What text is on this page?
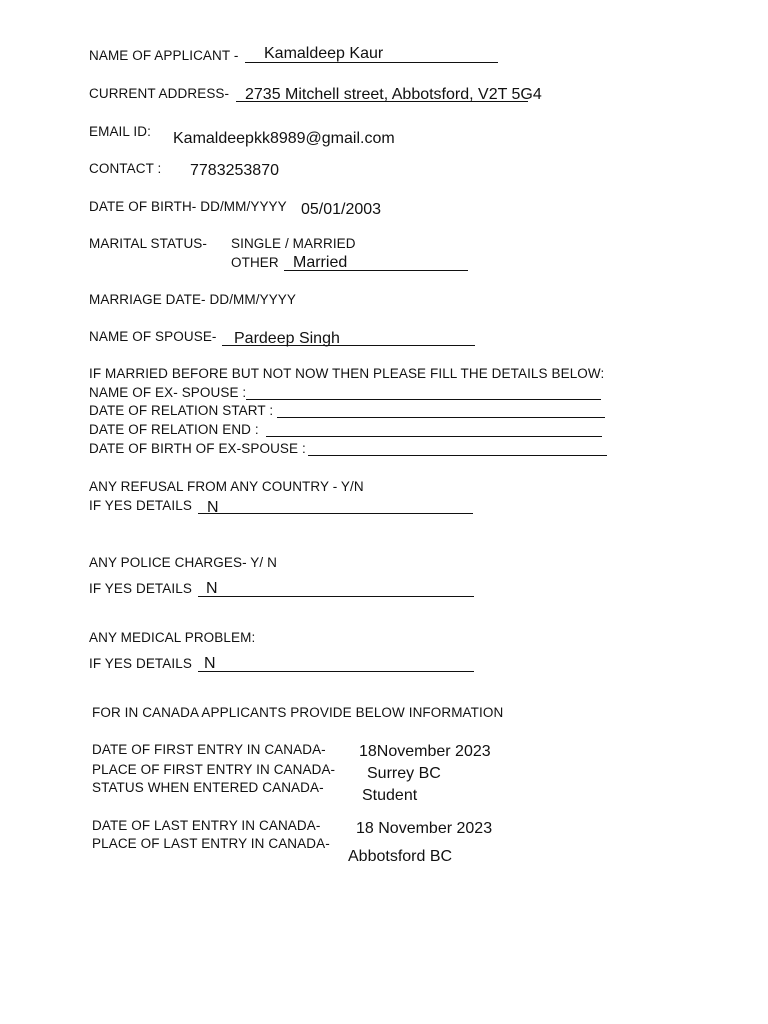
NAME OF APPLICANT - Kamaldeep Kaur
CURRENT ADDRESS- 2735 Mitchell street, Abbotsford, V2T 5G4
EMAIL ID: Kamaldeepkk8989@gmail.com
CONTACT : 7783253870
DATE OF BIRTH- DD/MM/YYYY 05/01/2003
MARITAL STATUS- SINGLE / MARRIED
OTHER Married
MARRIAGE DATE- DD/MM/YYYY
NAME OF SPOUSE- Pardeep Singh
IF MARRIED BEFORE BUT NOT NOW THEN PLEASE FILL THE DETAILS BELOW:
NAME OF EX- SPOUSE :
DATE OF RELATION START :
DATE OF RELATION END :
DATE OF BIRTH OF EX-SPOUSE :
ANY REFUSAL FROM ANY COUNTRY - Y/N
IF YES DETAILS N
ANY POLICE CHARGES- Y/ N
IF YES DETAILS N
ANY MEDICAL PROBLEM:
IF YES DETAILS N
FOR IN CANADA APPLICANTS PROVIDE BELOW INFORMATION
DATE OF FIRST ENTRY IN CANADA- 18November 2023
PLACE OF FIRST ENTRY IN CANADA- Surrey BC
STATUS WHEN ENTERED CANADA- Student
DATE OF LAST ENTRY IN CANADA- 18 November 2023
PLACE OF LAST ENTRY IN CANADA-
Abbotsford BC
